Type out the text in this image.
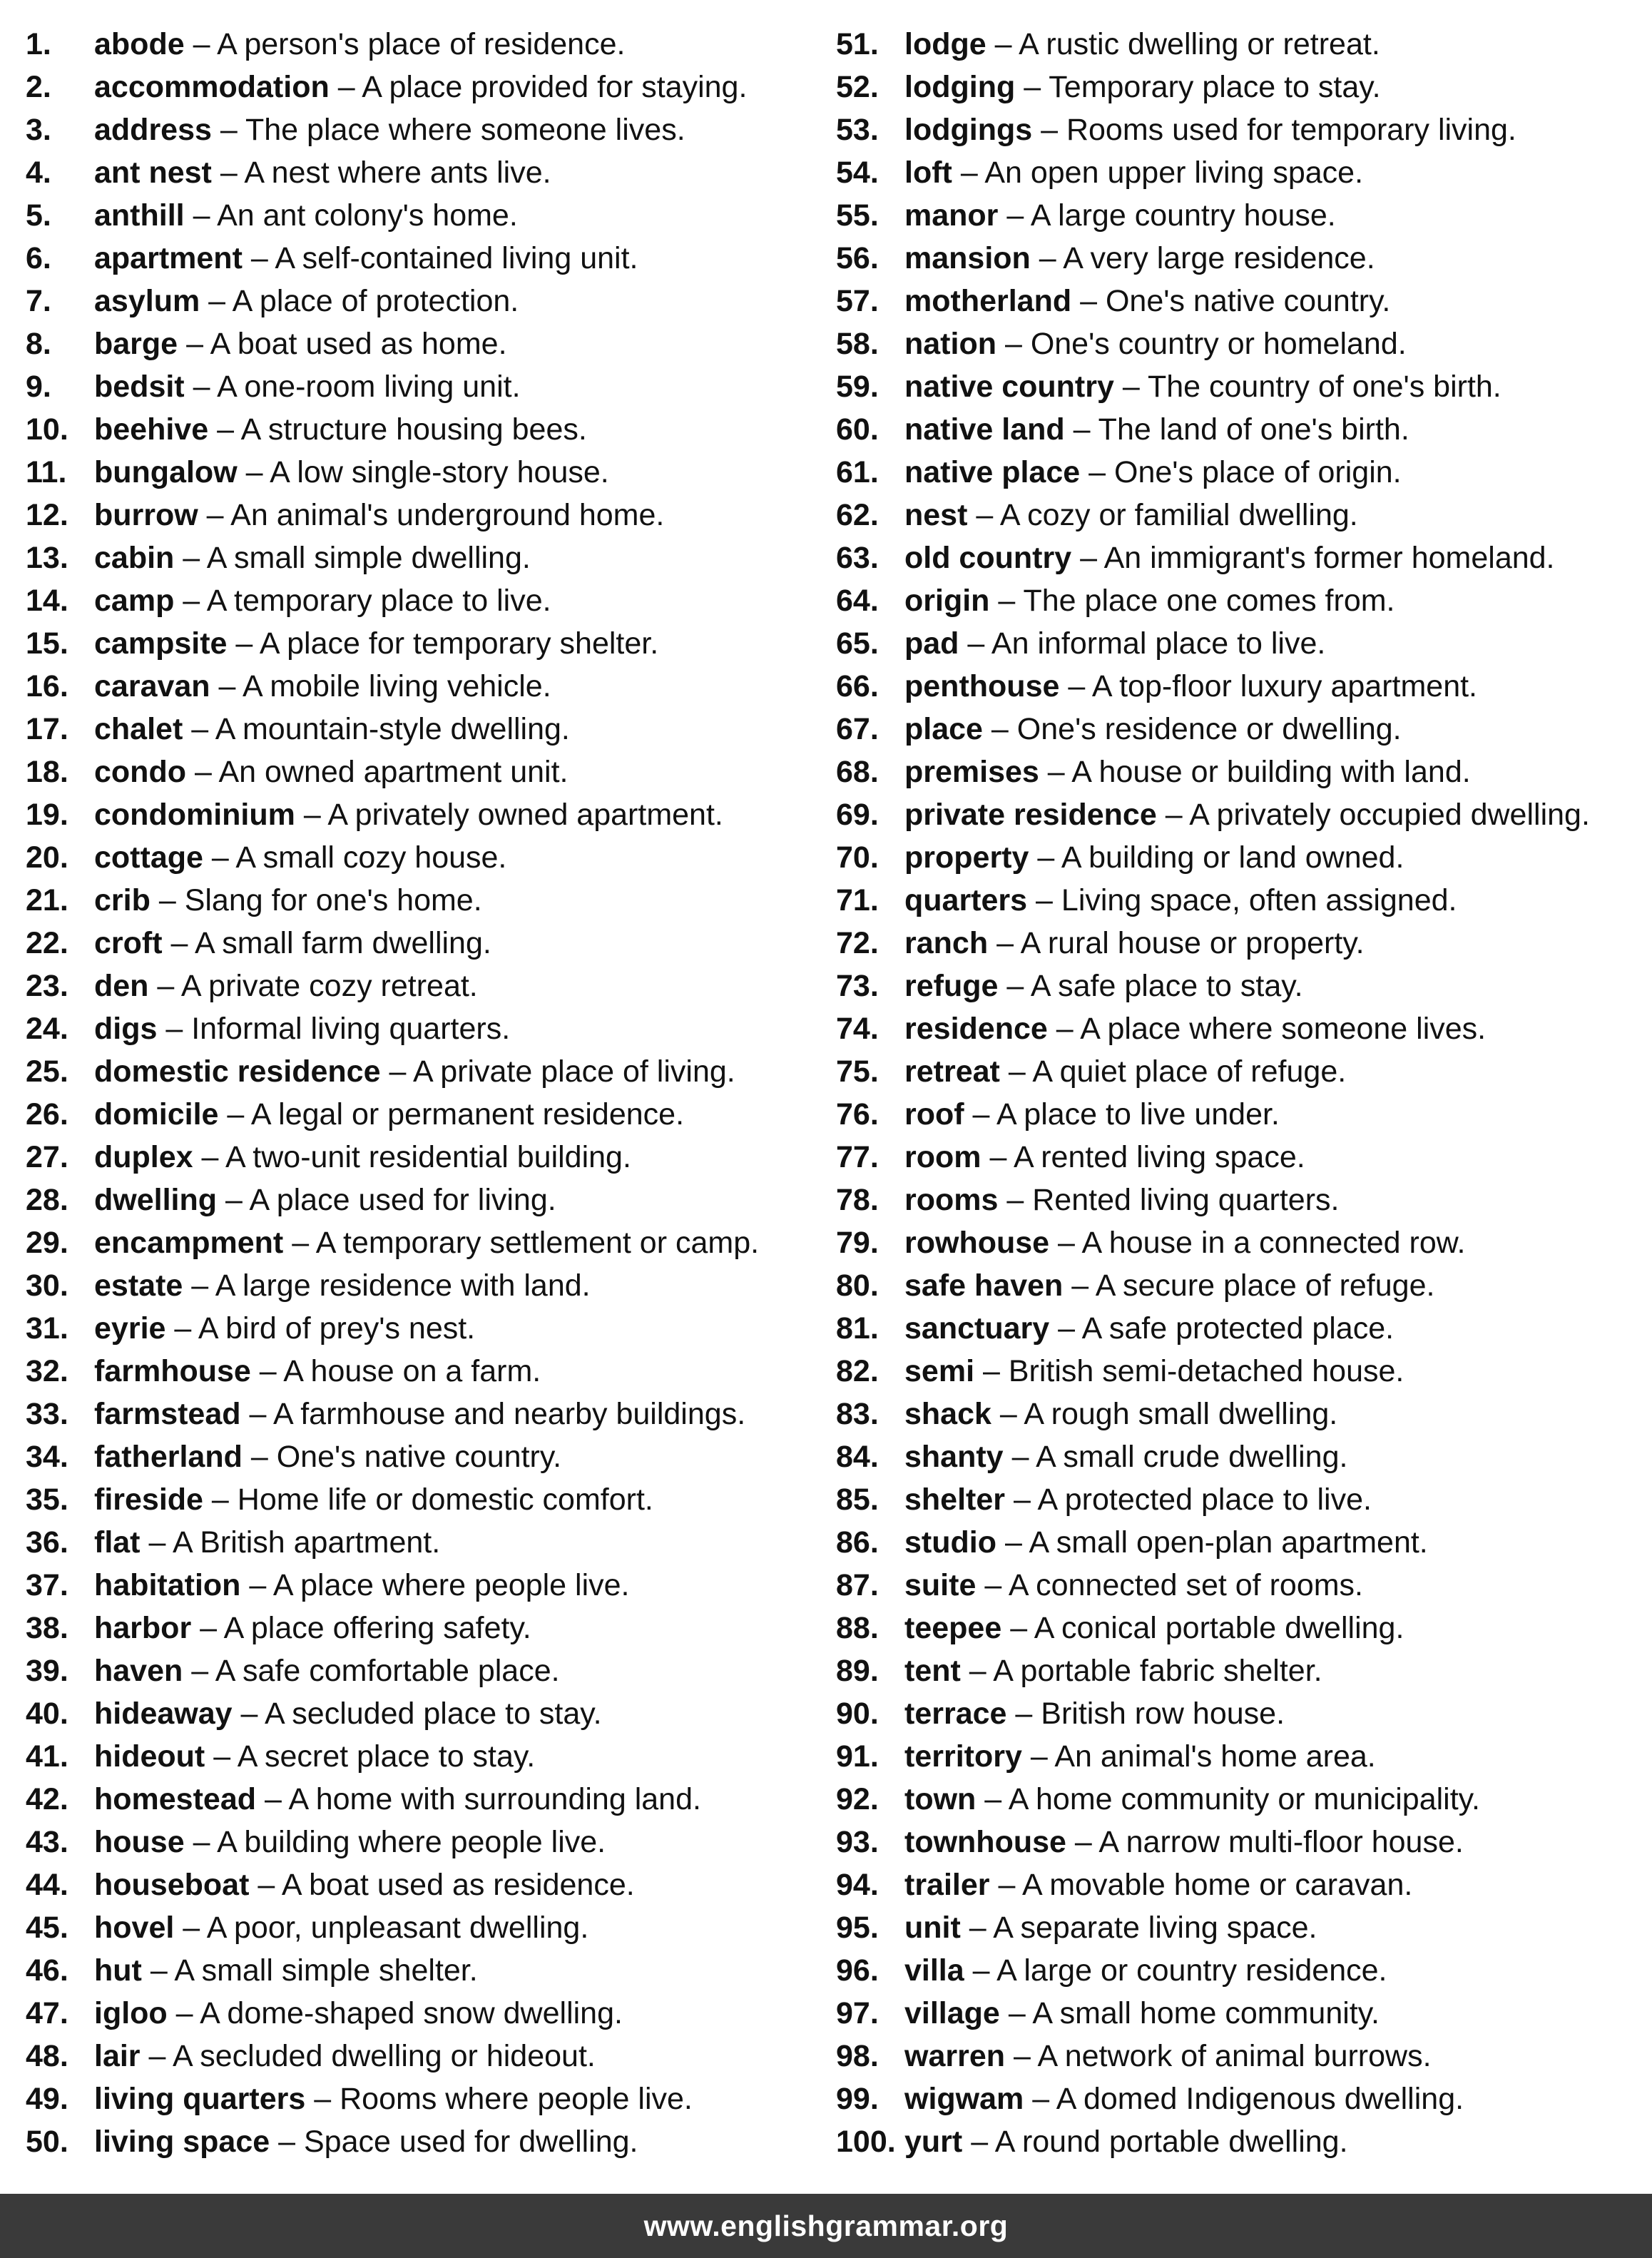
1. abode – A person's place of residence.
2. accommodation – A place provided for staying.
3. address – The place where someone lives.
4. ant nest – A nest where ants live.
5. anthill – An ant colony's home.
6. apartment – A self-contained living unit.
7. asylum – A place of protection.
8. barge – A boat used as home.
9. bedsit – A one-room living unit.
10. beehive – A structure housing bees.
11. bungalow – A low single-story house.
12. burrow – An animal's underground home.
13. cabin – A small simple dwelling.
14. camp – A temporary place to live.
15. campsite – A place for temporary shelter.
16. caravan – A mobile living vehicle.
17. chalet – A mountain-style dwelling.
18. condo – An owned apartment unit.
19. condominium – A privately owned apartment.
20. cottage – A small cozy house.
21. crib – Slang for one's home.
22. croft – A small farm dwelling.
23. den – A private cozy retreat.
24. digs – Informal living quarters.
25. domestic residence – A private place of living.
26. domicile – A legal or permanent residence.
27. duplex – A two-unit residential building.
28. dwelling – A place used for living.
29. encampment – A temporary settlement or camp.
30. estate – A large residence with land.
31. eyrie – A bird of prey's nest.
32. farmhouse – A house on a farm.
33. farmstead – A farmhouse and nearby buildings.
34. fatherland – One's native country.
35. fireside – Home life or domestic comfort.
36. flat – A British apartment.
37. habitation – A place where people live.
38. harbor – A place offering safety.
39. haven – A safe comfortable place.
40. hideaway – A secluded place to stay.
41. hideout – A secret place to stay.
42. homestead – A home with surrounding land.
43. house – A building where people live.
44. houseboat – A boat used as residence.
45. hovel – A poor, unpleasant dwelling.
46. hut – A small simple shelter.
47. igloo – A dome-shaped snow dwelling.
48. lair – A secluded dwelling or hideout.
49. living quarters – Rooms where people live.
50. living space – Space used for dwelling.
51. lodge – A rustic dwelling or retreat.
52. lodging – Temporary place to stay.
53. lodgings – Rooms used for temporary living.
54. loft – An open upper living space.
55. manor – A large country house.
56. mansion – A very large residence.
57. motherland – One's native country.
58. nation – One's country or homeland.
59. native country – The country of one's birth.
60. native land – The land of one's birth.
61. native place – One's place of origin.
62. nest – A cozy or familial dwelling.
63. old country – An immigrant's former homeland.
64. origin – The place one comes from.
65. pad – An informal place to live.
66. penthouse – A top-floor luxury apartment.
67. place – One's residence or dwelling.
68. premises – A house or building with land.
69. private residence – A privately occupied dwelling.
70. property – A building or land owned.
71. quarters – Living space, often assigned.
72. ranch – A rural house or property.
73. refuge – A safe place to stay.
74. residence – A place where someone lives.
75. retreat – A quiet place of refuge.
76. roof – A place to live under.
77. room – A rented living space.
78. rooms – Rented living quarters.
79. rowhouse – A house in a connected row.
80. safe haven – A secure place of refuge.
81. sanctuary – A safe protected place.
82. semi – British semi-detached house.
83. shack – A rough small dwelling.
84. shanty – A small crude dwelling.
85. shelter – A protected place to live.
86. studio – A small open-plan apartment.
87. suite – A connected set of rooms.
88. teepee – A conical portable dwelling.
89. tent – A portable fabric shelter.
90. terrace – British row house.
91. territory – An animal's home area.
92. town – A home community or municipality.
93. townhouse – A narrow multi-floor house.
94. trailer – A movable home or caravan.
95. unit – A separate living space.
96. villa – A large or country residence.
97. village – A small home community.
98. warren – A network of animal burrows.
99. wigwam – A domed Indigenous dwelling.
100. yurt – A round portable dwelling.
www.englishgrammar.org
